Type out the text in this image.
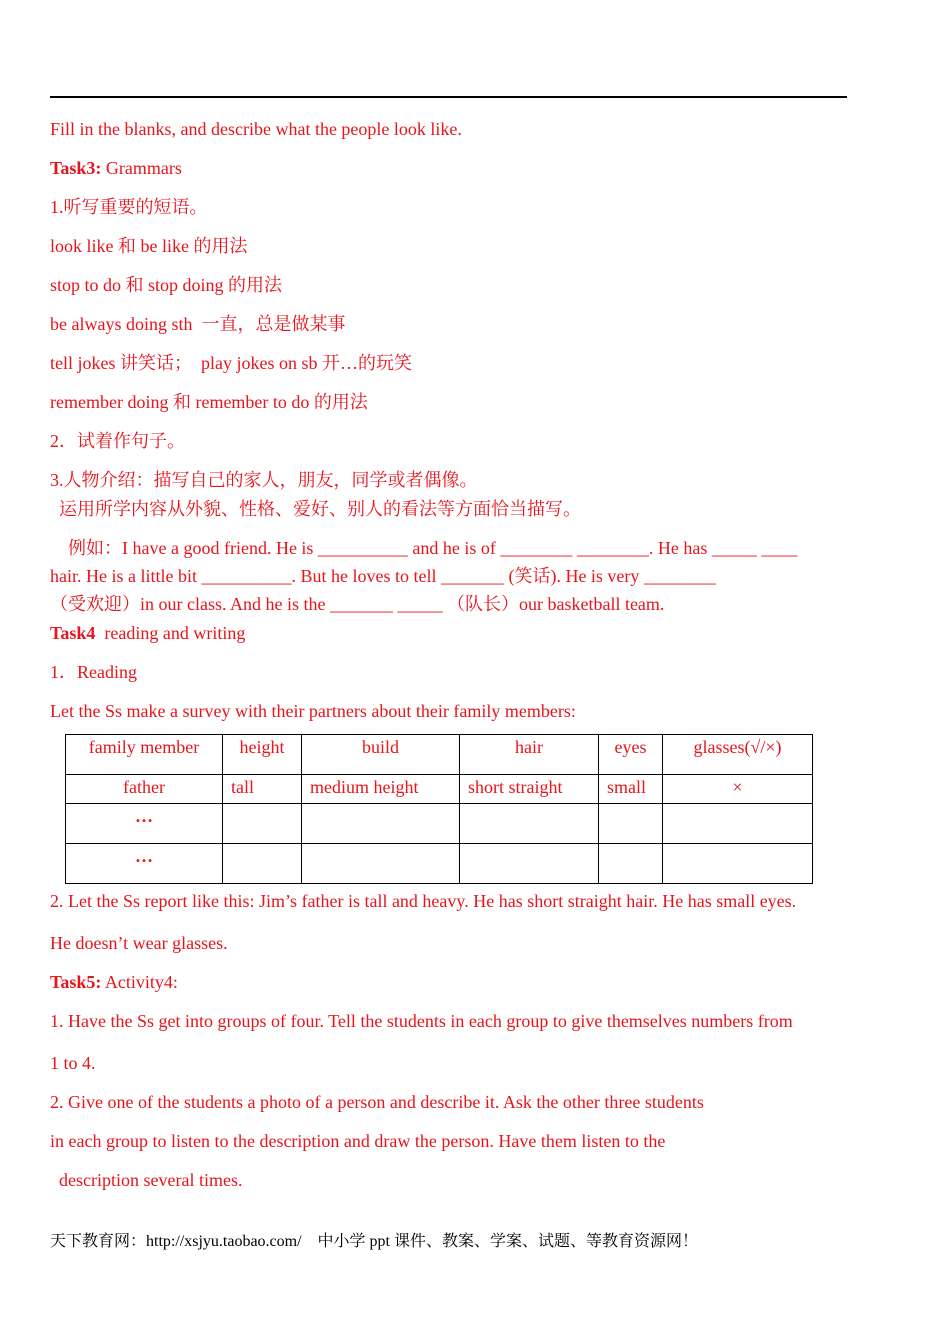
Fill in the blanks, and describe what the people look like.
Task3: Grammars
1.听写重要的短语。
look like 和 be like 的用法
stop to do 和 stop doing 的用法
be always doing sth  一直，总是做某事
tell jokes 讲笑话；  play jokes on sb 开…的玩笑
remember doing 和 remember to do 的用法
2．试着作句子。
3.人物介绍：描写自己的家人，朋友，同学或者偶像。
运用所学内容从外貌、性格、爱好、别人的看法等方面恰当描写。
例如：I have a good friend. He is __________ and he is of ________ ________. He has _____ ____
hair. He is a little bit __________. But he loves to tell _______ (笑话). He is very ________
（受欢迎）in our class. And he is the _______ _____ （队长）our basketball team.
Task4  reading and writing
1．Reading
Let the Ss make a survey with their partners about their family members:
family member	height	build	hair	eyes	glasses(√/×)
father	tall	medium height	short straight	small	×
…					
…					
2. Let the Ss report like this: Jim’s father is tall and heavy. He has short straight hair. He has small eyes.
He doesn’t wear glasses.
Task5: Activity4:
1. Have the Ss get into groups of four. Tell the students in each group to give themselves numbers from
1 to 4.
2. Give one of the students a photo of a person and describe it. Ask the other three students
in each group to listen to the description and draw the person. Have them listen to the
description several times.
天下教育网：http://xsjyu.taobao.com/    中小学 ppt 课件、教案、学案、试题、等教育资源网！
